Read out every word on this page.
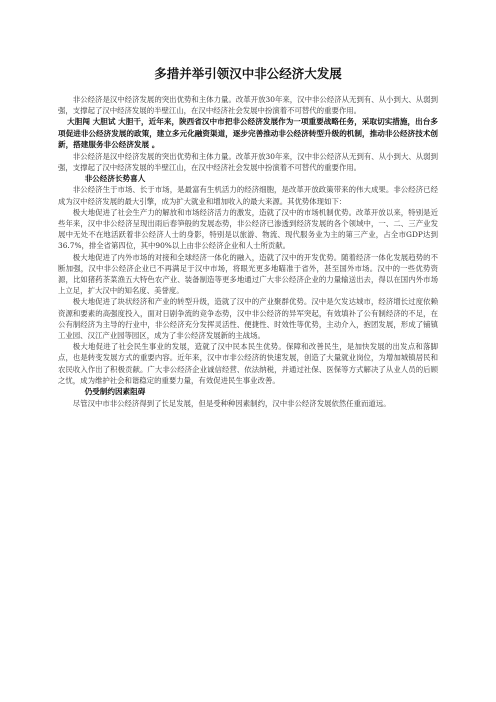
多措并举引领汉中非公经济大发展

非公经济是汉中经济发展的突出优势和主体力量。改革开放30年来，汉中非公经济从无到有、从小到大、从弱到强，支撑起了汉中经济发展的半壁江山，在汉中经济社会发展中扮演着不可替代的重要作用。

大胆闯 大胆试 大胆干，近年来，陕西省汉中市把非公经济发展作为一项重要战略任务，采取切实措施，出台多项促进非公经济发展的政策，建立多元化融资渠道，逐步完善推动非公经济转型升级的机制，推动非公经济技术创新，搭建服务非公经济发展 。

非公经济是汉中经济发展的突出优势和主体力量。改革开放30年来，汉中非公经济从无到有、从小到大、从弱到强，支撑起了汉中经济发展的半壁江山，在汉中经济社会发展中扮演着不可替代的重要作用。

非公经济长势喜人

非公经济生于市场、长于市场，是最富有生机活力的经济细胞，是改革开放政策带来的伟大成果。非公经济已经成为汉中经济发展的最大引擎，成为扩大就业和增加收入的最大来源。其优势体现如下：

极大地促进了社会生产力的解放和市场经济活力的激发，造就了汉中的市场机制优势。改革开放以来，特别是近些年来，汉中非公经济呈现出雨后春笋般的发展态势，非公经济已渗透到经济发展的各个领域中，一、二、三产业发展中无处不在地活跃着非公经济人士的身影，特别是以旅游、物流、现代服务业为主的第三产业，占全市GDP达到36.7%，排全省第四位，其中90%以上由非公经济企业和人士所贡献。

极大地促进了内外市场的对接和全球经济一体化的融入，造就了汉中的开发优势。随着经济一体化发展趋势的不断加强，汉中非公经济企业已不再满足于汉中市场，将眼光更多地瞄准于省外，甚至国外市场。汉中的一些优势资源，比如猪药茶菜渔五大特色农产业、装备制造等更多地通过广大非公经济企业的力量输送出去，得以在国内外市场上立足，扩大汉中的知名度、美誉度。

极大地促进了块状经济和产业的转型升级，造就了汉中的产业聚群优势。汉中是欠发达城市，经济增长过度依赖资源和要素的高强度投入，面对日剧争流的竞争态势，汉中非公经济的异军突起，有效填补了公有制经济的不足，在公有制经济为主导的行业中，非公经济充分发挥灵活性、便捷性、时效性等优势，主动介入，抱团发展，形成了铺镇工业园、汉江产业园等园区，成为了非公经济发展新的主战场。

极大地促进了社会民生事业的发展，造就了汉中民本民生优势。保障和改善民生，是加快发展的出发点和落脚点，也是转变发展方式的重要内容。近年来，汉中市非公经济的快速发展，创造了大量就业岗位，为增加城镇居民和农民收入作出了积极贡献。广大非公经济企业诚信经营、依法纳税，并通过社保、医保等方式解决了从业人员的后顾之忧，成为维护社会和谐稳定的重要力量，有效促进民生事业改善。

仍受制约因素阻碍

尽管汉中市非公经济得到了长足发展，但是受种种因素制约，汉中非公经济发展依然任重而道远。
